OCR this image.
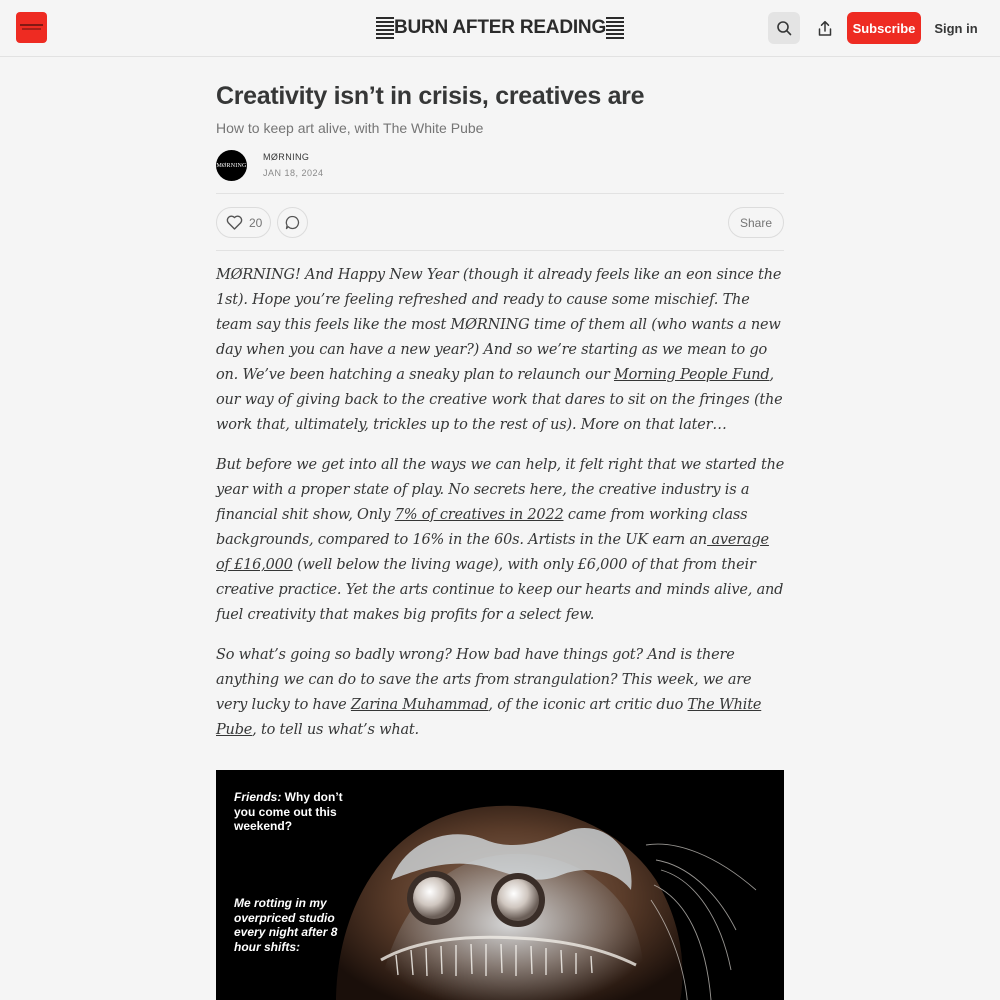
BURN AFTER READING	Subscribe	Sign in
Creativity isn’t in crisis, creatives are
How to keep art alive, with The White Pube
MØRNING
MØRNING
JAN 18, 2024
20	Share

MØRNING! And Happy New Year (though it already feels like an eon since the 1st). Hope you’re feeling refreshed and ready to cause some mischief. The team say this feels like the most MØRNING time of them all (who wants a new day when you can have a new year?) And so we’re starting as we mean to go on. We’ve been hatching a sneaky plan to relaunch our Morning People Fund, our way of giving back to the creative work that dares to sit on the fringes (the work that, ultimately, trickles up to the rest of us). More on that later…

But before we get into all the ways we can help, it felt right that we started the year with a proper state of play. No secrets here, the creative industry is a financial shit show, Only 7% of creatives in 2022 came from working class backgrounds, compared to 16% in the 60s. Artists in the UK earn an average of £16,000 (well below the living wage), with only £6,000 of that from their creative practice. Yet the arts continue to keep our hearts and minds alive, and fuel creativity that makes big profits for a select few.

So what’s going so badly wrong? How bad have things got? And is there anything we can do to save the arts from strangulation? This week, we are very lucky to have Zarina Muhammad, of the iconic art critic duo The White Pube, to tell us what’s what.

Friends: Why don’t you come out this weekend?
Me rotting in my overpriced studio every night after 8 hour shifts:
